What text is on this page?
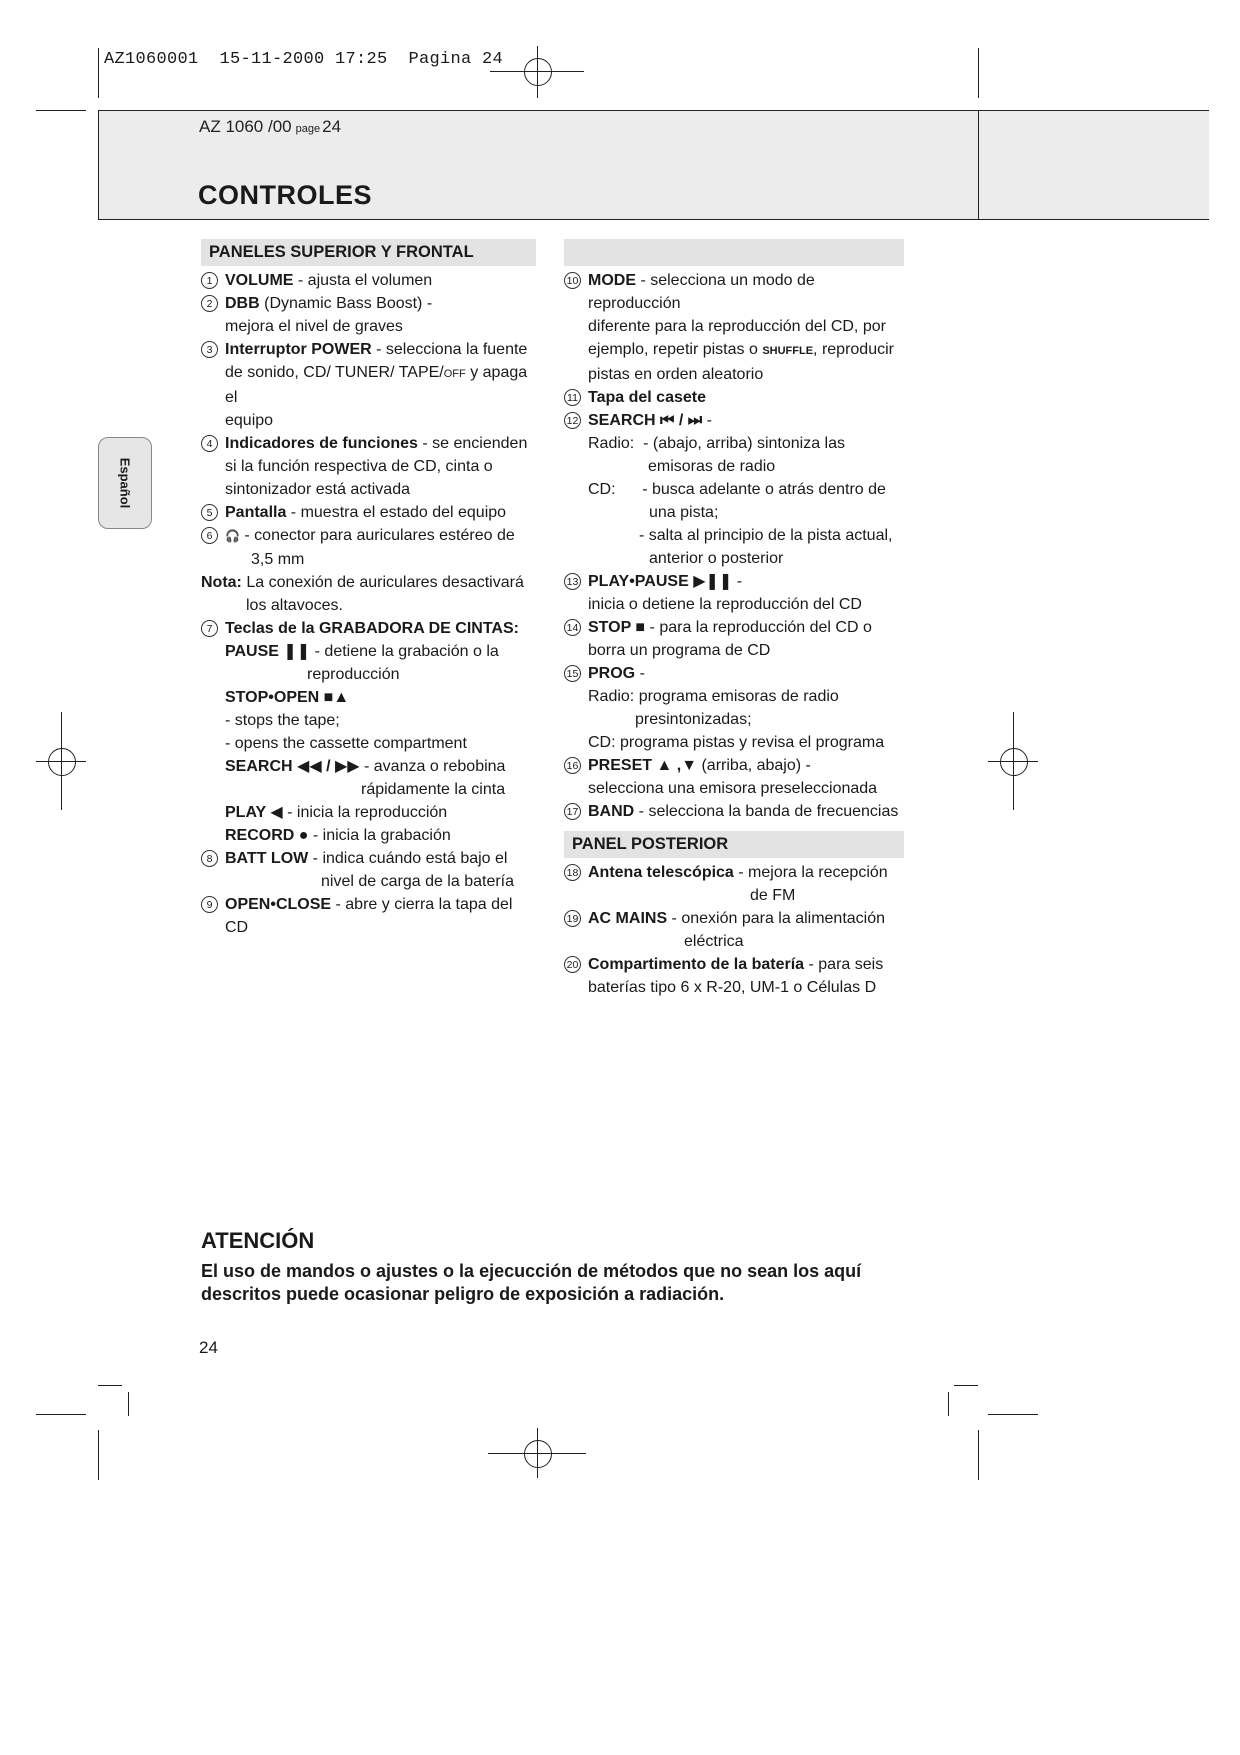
AZ1060001  15-11-2000 17:25  Pagina 24
AZ 1060 /00 page 24
CONTROLES
Español
PANELES SUPERIOR Y FRONTAL
1 VOLUME - ajusta el volumen
2 DBB (Dynamic Bass Boost) -
mejora el nivel de graves
3 Interruptor POWER - selecciona la fuente
de sonido, CD/ TUNER/ TAPE/OFF y apaga el
equipo
4 Indicadores de funciones - se encienden
si la función respectiva de CD, cinta o
sintonizador está activada
5 Pantalla - muestra el estado del equipo
6	🎧 - conector para auriculares estéreo de
3,5 mm
Nota: La conexión de auriculares desactivará
los altavoces.
7 Teclas de la GRABADORA DE CINTAS:
PAUSE ❚❚ - detiene la grabación o la
reproducción
STOP•OPEN ■▲
- stops the tape;
- opens the cassette compartment
SEARCH ◀◀ / ▶▶ - avanza o rebobina
rápidamente la cinta
PLAY ◀ - inicia la reproducción
RECORD ● - inicia la grabación
8 BATT LOW - indica cuándo está bajo el
nivel de carga de la batería
9 OPEN•CLOSE - abre y cierra la tapa del CD
10 MODE - selecciona un modo de reproducción
diferente para la reproducción del CD, por
ejemplo, repetir pistas o SHUFFLE, reproducir
pistas en orden aleatorio
11 Tapa del casete
12 SEARCH ⏮ / ⏭ -
Radio:  - (abajo, arriba) sintoniza las
emisoras de radio
CD:      - busca adelante o atrás dentro de
una pista;
- salta al principio de la pista actual,
anterior o posterior
13 PLAY•PAUSE ▶❚❚ -
inicia o detiene la reproducción del CD
14 STOP ■ - para la reproducción del CD o
borra un programa de CD
15 PROG -
Radio: programa emisoras de radio
presintonizadas;
CD: programa pistas y revisa el programa
16 PRESET ▲ ,▼ (arriba, abajo) -
selecciona una emisora preseleccionada
17 BAND - selecciona la banda de frecuencias
PANEL POSTERIOR
18 Antena telescópica - mejora la recepción
de FM
19 AC MAINS - onexión para la alimentación
eléctrica
20 Compartimento de la batería - para seis
baterías tipo 6 x R-20, UM-1 o Células D
ATENCIÓN
El uso de mandos o ajustes o la ejecucción de métodos que no sean los aquí descritos puede ocasionar peligro de exposición a radiación.
24
